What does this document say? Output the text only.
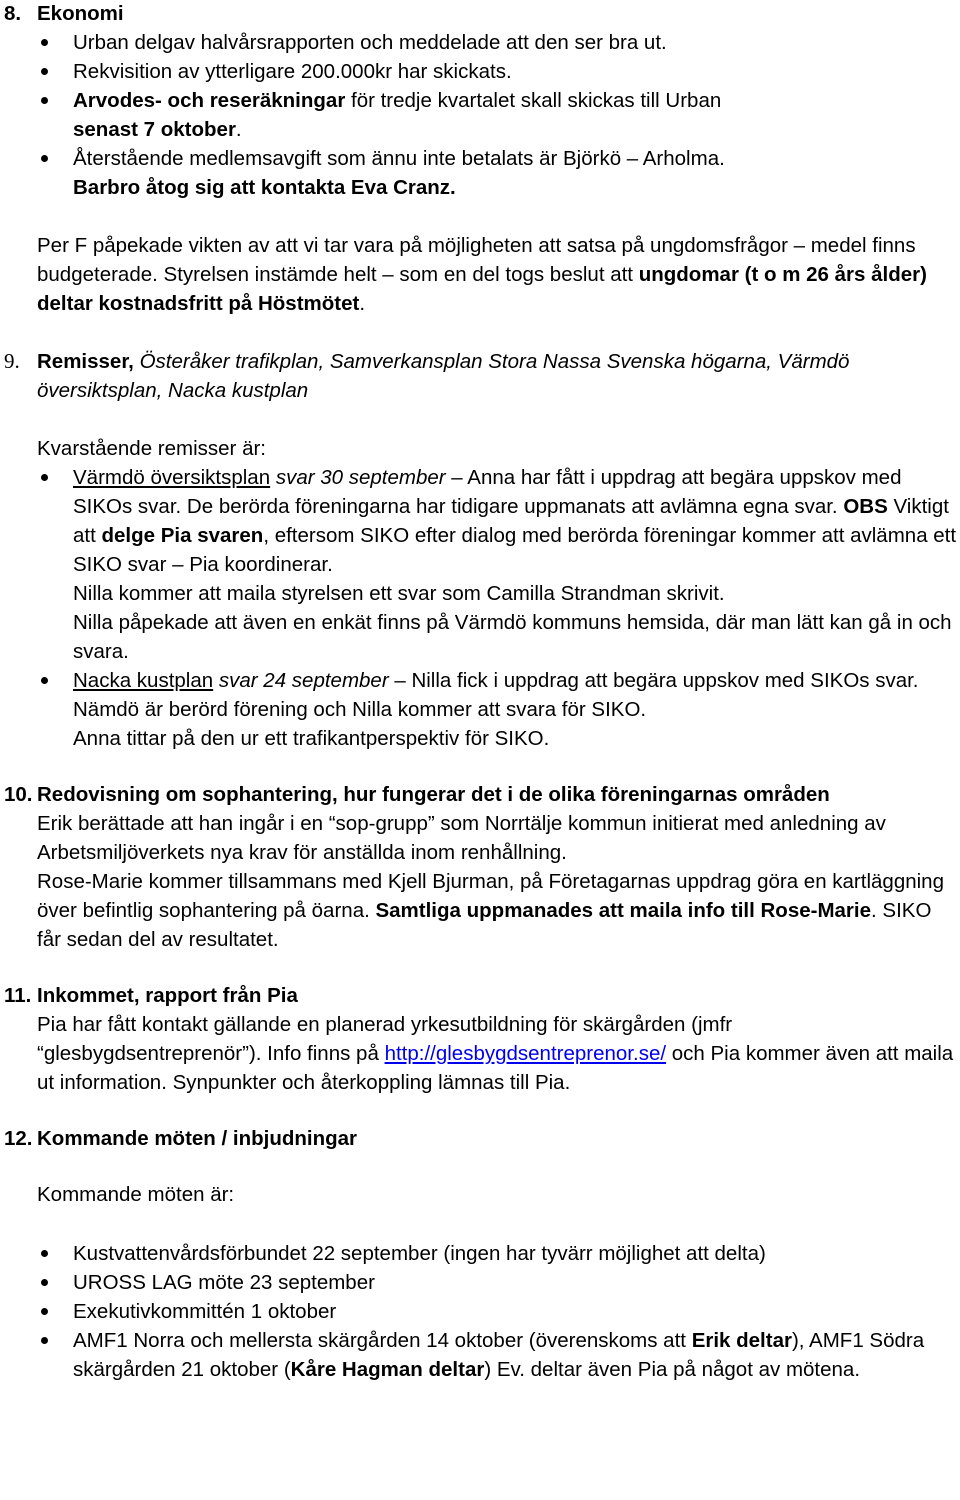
8. Ekonomi
Urban delgav halvårsrapporten och meddelade att den ser bra ut.
Rekvisition av ytterligare 200.000kr har skickats.
Arvodes- och reseräkningar för tredje kvartalet skall skickas till Urban
senast 7 oktober.
Återstående medlemsavgift som ännu inte betalats är Björkö – Arholma.
Barbro åtog sig att kontakta Eva Cranz.

Per F påpekade vikten av att vi tar vara på möjligheten att satsa på ungdomsfrågor – medel finns budgeterade. Styrelsen instämde helt – som en del togs beslut att ungdomar (t o m 26 års ålder) deltar kostnadsfritt på Höstmötet.

9. Remisser, Österåker trafikplan, Samverkansplan Stora Nassa Svenska högarna, Värmdö översiktsplan, Nacka kustplan

Kvarstående remisser är:

Värmdö översiktsplan svar 30 september – Anna har fått i uppdrag att begära uppskov med SIKOs svar. De berörda föreningarna har tidigare uppmanats att avlämna egna svar. OBS Viktigt att delge Pia svaren, eftersom SIKO efter dialog med berörda föreningar kommer att avlämna ett SIKO svar – Pia koordinerar.

Nilla kommer att maila styrelsen ett svar som Camilla Strandman skrivit.

Nilla påpekade att även en enkät finns på Värmdö kommuns hemsida, där man lätt kan gå in och svara.

Nacka kustplan svar 24 september – Nilla fick i uppdrag att begära uppskov med SIKOs svar. Nämdö är berörd förening och Nilla kommer att svara för SIKO.

Anna tittar på den ur ett trafikantperspektiv för SIKO.

10. Redovisning om sophantering, hur fungerar det i de olika föreningarnas områden

Erik berättade att han ingår i en “sop-grupp” som Norrtälje kommun initierat med anledning av Arbetsmiljöverkets nya krav för anställda inom renhållning.

Rose-Marie kommer tillsammans med Kjell Bjurman, på Företagarnas uppdrag göra en kartläggning över befintlig sophantering på öarna. Samtliga uppmanades att maila info till Rose-Marie. SIKO får sedan del av resultatet.

11. Inkommet, rapport från Pia

Pia har fått kontakt gällande en planerad yrkesutbildning för skärgården (jmfr “glesbygdsentreprenör”). Info finns på http://glesbygdsentreprenor.se/ och Pia kommer även att maila ut information. Synpunkter och återkoppling lämnas till Pia.

12. Kommande möten / inbjudningar

Kommande möten är:

Kustvattenvårdsförbundet 22 september (ingen har tyvärr möjlighet att delta)
UROSS LAG möte 23 september
Exekutivkommittén 1 oktober
AMF1 Norra och mellersta skärgården 14 oktober (överenskoms att Erik deltar), AMF1 Södra skärgården 21 oktober (Kåre Hagman deltar) Ev. deltar även Pia på något av mötena.
